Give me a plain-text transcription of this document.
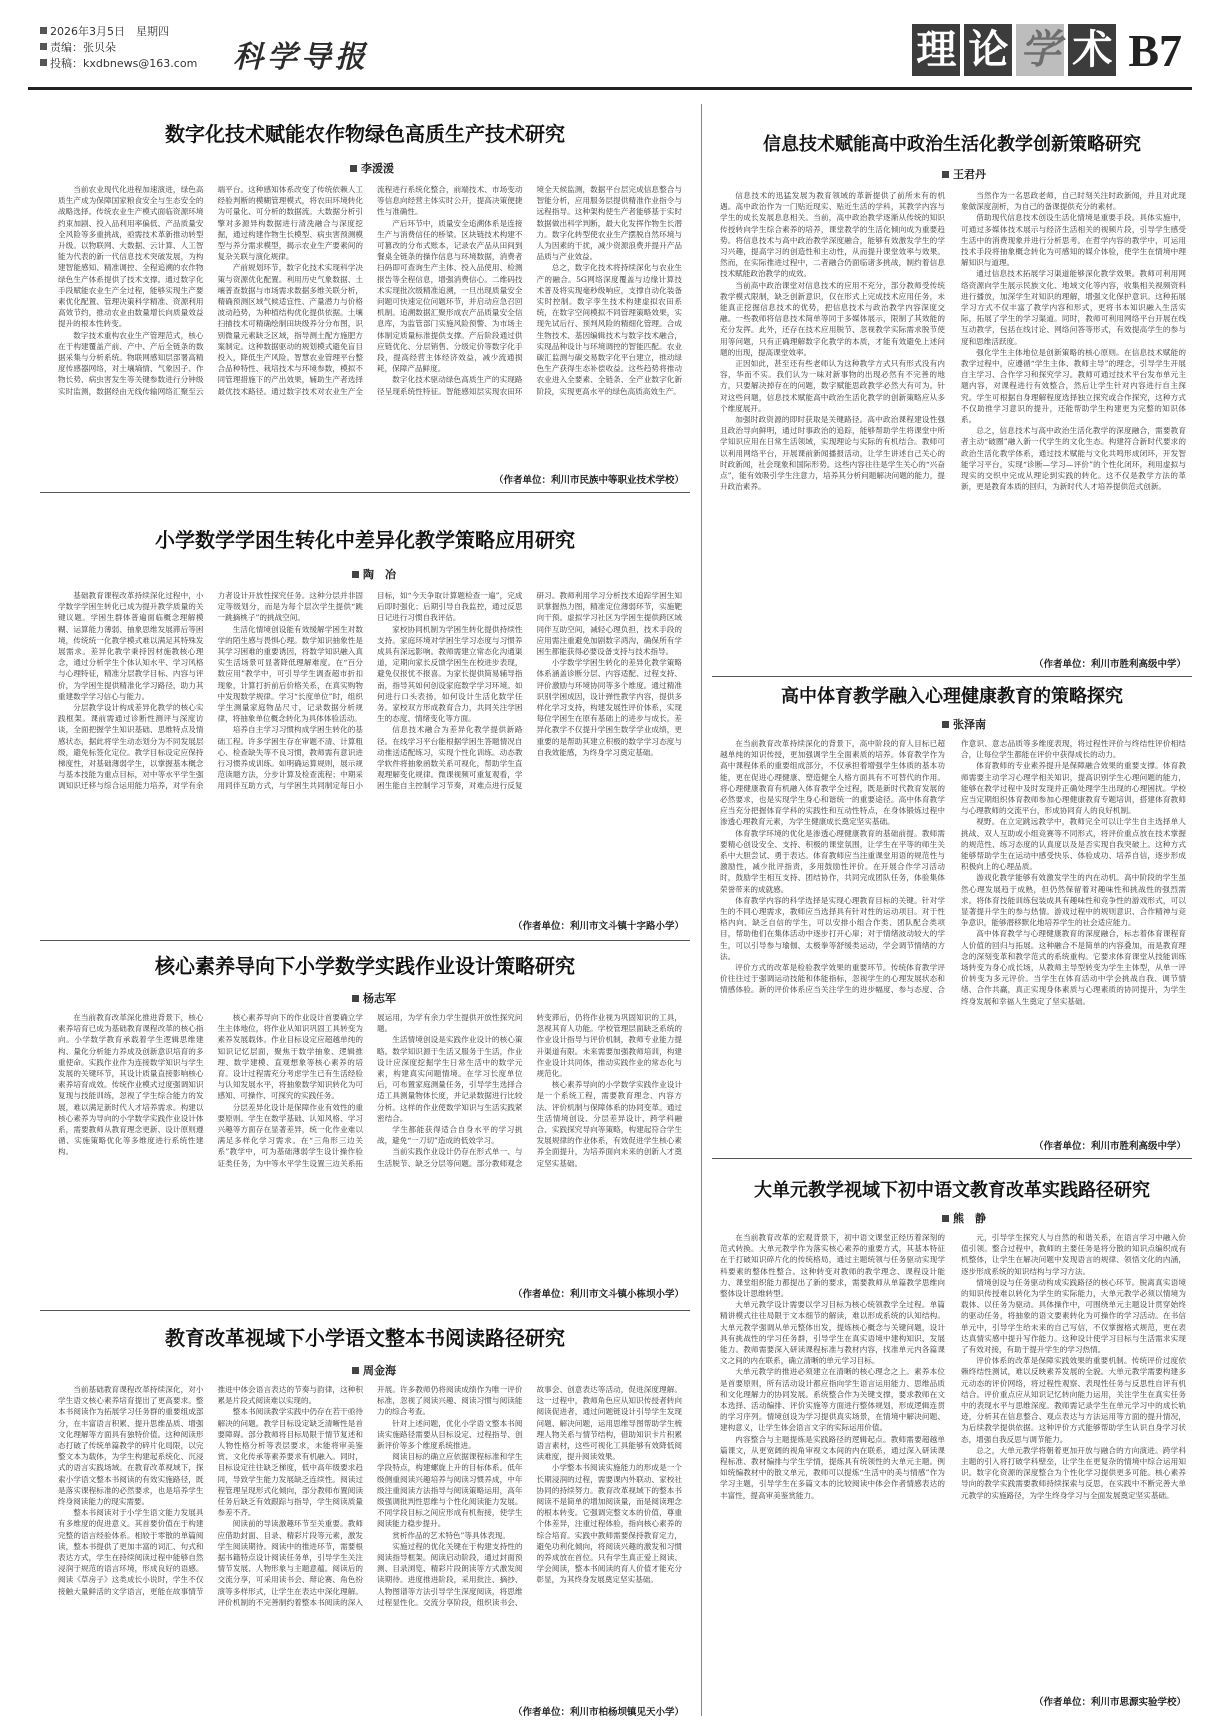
2026年3月5日　星期四
责编：张贝朵
投稿：kxdbnews@163.com 科学导报	理 论 学 术 B7
数字化技术赋能农作物绿色高质生产技术研究
李湲湲

当前农业现代化进程加速演进，绿色高质生产成为保障国家粮食安全与生态安全的战略选择。传统农业生产模式面临资源环境约束加剧、投入品利用率偏低、产品质量安全风险等多重挑战，亟需技术革新推动转型升级。以物联网、大数据、云计算、人工智能为代表的新一代信息技术突破发展，为构建智能感知、精准调控、全程追溯的农作物绿色生产体系提供了技术支撑。通过数字化手段赋能农业生产全过程，能够实现生产要素优化配置、管理决策科学精准、资源利用高效节约，推动农业由数量增长向质量效益提升的根本性转变。

数字技术重构农业生产管理范式，核心在于构建覆盖产前、产中、产后全链条的数据采集与分析系统。物联网感知层部署高精度传感器网络，对土壤墒情、气象因子、作物长势、病虫害发生等关键参数进行分钟级实时监测，数据经由无线传输网络汇聚至云端平台。这种感知体系改变了传统依赖人工经验判断的模糊管理模式，将农田环境转化为可量化、可分析的数据流。大数据分析引擎对多源异构数据进行清洗融合与深度挖掘，通过构建作物生长模型、病虫害预测模型与养分需求模型，揭示农业生产要素间的复杂关联与演化规律。

产前规划环节，数字化技术实现科学决策与资源优化配置。利用历史气象数据、土壤普查数据与市场需求数据多维关联分析，精确预测区域气候适宜性、产量潜力与价格波动趋势，为种植结构优化提供依据。土壤扫描技术可精确绘制田块级养分分布图，识别微量元素缺乏区域，指导测土配方施肥方案制定。这种数据驱动的规划模式避免盲目投入，降低生产风险。智慧农业管理平台整合品种特性、栽培技术与环境参数，模拟不同管理措施下的产出效果，辅助生产者选择最优技术路径。通过数字技术对农业生产全流程进行系统化整合，前端技术、市场变动等信息向经营主体实时公开，提高决策便捷性与准确性。

产后环节中，质量安全追溯体系是连接生产与消费信任的桥梁。区块链技术构建不可篡改的分布式账本，记录农产品从田间到餐桌全链条的操作信息与环境数据，消费者扫码即可查询生产主体、投入品使用、检测报告等全程信息，增强消费信心。二维码技术实现批次级精准追溯，一旦出现质量安全问题可快速定位问题环节，并启动应急召回机制。追溯数据汇聚形成农产品质量安全信息库，为监管部门实施风险预警、为市场主体制定质量标准提供支撑。产后阶段通过供应链优化、分层销售、分级定价等数字化手段，提高经营主体经济效益，减少流通损耗，保障产品鲜度。

数字化技术驱动绿色高质生产的实现路径呈现系统性特征。智能感知层实现农田环境全天候监测，数据平台层完成信息整合与智能分析，应用服务层提供精准作业指令与远程指导。这种架构使生产者能够基于实时数据做出科学判断，最大化发挥作物生长潜力。数字化转型使农业生产摆脱自然环境与人为因素的干扰，减少资源浪费并提升产品品质与产业效益。

总之，数字化技术将持续深化与农业生产的融合。5G网络深度覆盖与边缘计算技术普及将实现毫秒级响应，支撑自动化装备实时控制。数字孪生技术构建虚拟农田系统，在数字空间模拟不同管理策略效果，实现先试后行、预判风险的精细化管理。合成生物技术、基因编辑技术与数字技术融合，实现品种设计与环境调控的智能匹配。农业碳汇监测与碳交易数字化平台建立，推动绿色生产获得生态补偿收益。这些趋势将推动农业进入全要素、全链条、全产业数字化新阶段，实现更高水平的绿色高质高效生产。

（作者单位：利川市民族中等职业技术学校）
信息技术赋能高中政治生活化教学创新策略研究
王君丹

信息技术的迅猛发展为教育领域的革新提供了前所未有的机遇。高中政治作为一门贴近现实、贴近生活的学科，其教学内容与学生的成长发展息息相关。当前，高中政治教学逐渐从传统的知识传授转向学生综合素养的培养，课堂教学的生活化倾向成为重要趋势。将信息技术与高中政治教学深度融合，能够有效激发学生的学习兴趣，提高学习的创造性和主动性，从而提升课堂效率与效果。然而，在实际推进过程中，二者融合仍面临诸多挑战，制约着信息技术赋能政治教学的成效。

当前高中政治课堂对信息技术的应用不充分，部分教师受传统教学模式限制，缺乏创新意识，仅在形式上完成技术应用任务，未能真正挖掘信息技术的优势，把信息技术与政治教学内容深度交融。一些教师将信息技术简单等同于多媒体展示，限制了其效能的充分发挥。此外，还存在技术应用脱节、忽视教学实际需求脱节使用等问题，只有正确理解数字化教学的本质，才能有效避免上述问题的出现，提高课堂效率。

正因如此，甚至还有些老师认为这种教学方式只有形式没有内容，华而不实。我们认为一味对新事物的出现必然有不完善的地方，只要解决掉存在的问题，数字赋能思政教学必然大有可为。针对这些问题，信息技术赋能高中政治生活化教学的创新策略应从多个维度展开。

加强时政资源的即时获取是关键路径。高中政治课程建设性强且政治导向鲜明，通过时事政治的追踪，能够帮助学生将课堂中所学知识应用在日常生活领域，实现理论与实际的有机结合。教师可以利用网络平台，开展课前新闻播报活动，让学生讲述自己关心的时政新闻，社会现象和国际形势。这些内容往往是学生关心的“兴奋点”，能有效吸引学生注意力，培养其分析问题解决问题的能力，提升政治素养。

当然作为一名思政老师，自己时刻关注时政新闻，并且对此现象做深度剖析，为自己的备课提供充分的素材。

借助现代信息技术创设生活化情境是重要手段。具体实施中，可通过多媒体技术展示与经济生活相关的视频片段，引导学生感受生活中的消费现象并进行分析思考。在哲学内容的教学中，可运用技术手段将抽象概念转化为可感知的媒介体验，使学生在情境中理解知识与道理。

通过信息技术拓展学习渠道能够深化教学效果。教师可利用网络资源向学生展示民族文化、地域文化等内容，收集相关视频资料进行播放，加深学生对知识的理解，增强文化保护意识。这种拓展学习方式不仅丰富了教学内容和形式，更将书本知识融入生活实际，拓展了学生的学习渠道。同时，教师可利用网络平台开展在线互动教学，包括在线讨论、网络问答等形式，有效提高学生的参与度和思维活跃度。

强化学生主体地位是创新策略的核心原则。在信息技术赋能的教学过程中，应遵循“学生主体、教师主导”的理念，引导学生开展自主学习、合作学习和探究学习。教师可通过技术平台发布单元主题内容，对课程进行有效整合，然后让学生针对内容进行自主探究。学生可根据自身理解程度选择独立探究或合作探究，这种方式不仅助推学习意识的提升，还能帮助学生构建更为完整的知识体系。

总之，信息技术与高中政治生活化教学的深度融合，需要教育者主动“破圈”融入新一代学生的文化生态。构建符合新时代要求的政治生活化教学体系，通过技术赋能与文化共鸣形成闭环，开发智能学习平台，实现“诊断—学习—评价”的个性化闭环，利用虚拟与现实的交织中完成从理论到实践的转化。这不仅是教学方法的革新，更是教育本质的回归，为新时代人才培养提供范式创新。

（作者单位：利川市胜利高级中学）
小学数学学困生转化中差异化教学策略应用研究
陶　冶

基础教育课程改革持续深化过程中，小学数学学困生转化已成为提升教学质量的关键议题。学困生群体普遍面临概念理解模糊、运算能力薄弱、抽象思维发展滞后等困境，传统统一化教学模式难以满足其特殊发展需求。差异化教学秉持因材施教核心理念，通过分析学生个体认知水平、学习风格与心理特征，精准分层教学目标、内容与评价，为学困生提供精准化学习路径，助力其重建数学学习信心与能力。

分层教学设计构成差异化教学的核心实践框架。课前需通过诊断性测评与深度访谈，全面把握学生知识基础、思维特点及情感状态，据此将学生动态划分为不同发展层级，避免标签化定位。教学目标设定应保持梯度性，对基础薄弱学生，以掌握基本概念与基本技能为重点目标，对中等水平学生强调知识迁移与综合运用能力培养，对学有余力者设计开放性探究任务。这种分层并非固定等级划分，而是为每个层次学生提供“跳一跳摘桃子”的挑战空间。

生活化情境创设能有效缓解学困生对数学的陌生感与畏惧心理。数学知识抽象性是其学习困难的重要诱因，将数学知识融入真实生活场景可显著降低理解难度。在“百分数应用”教学中，可引导学生调查超市折扣现象，计算打折前后价格关系，在真实购物中发现数学规律。学习“长度单位”时，组织学生测量家庭物品尺寸，记录数据分析规律，将抽象单位概念转化为具体体验活动。

培养自主学习习惯构成学困生转化的基础工程。许多学困生存在审题不清、计算粗心、检查缺失等不良习惯，教师需有意识进行习惯养成训练。如明确运算规则，展示规范读题方法，分步计算及检查流程；中期采用同伴互助方式，与学困生共同制定每日小目标，如“今天争取计算题检查一遍”，完成后即时强化；后期引导自我监控，通过反思日记进行习惯自我评估。

家校协同机制为学困生转化提供持续性支持。家庭环境对学困生学习态度与习惯养成具有深远影响。教师需建立常态化沟通渠道，定期向家长反馈学困生在校进步表现，避免仅报忧不报喜。为家长提供简易辅导指南，指导其如何创设家庭数学学习环境。如何进行口头表扬，如何设计生活化数学任务。家校双方形成教育合力，共同关注学困生的态度、情绪变化等方面。

信息技术融合为差异化教学提供新路径。在线学习平台能根据学困生答题情况自动推送适配练习，实现个性化训练。动态教学软件将抽象函数关系可视化，帮助学生直观理解变化规律。微课视频可重复观看，学困生能自主控制学习节奏，对难点进行反复研习。教师利用学习分析技术追踪学困生知识掌握热力图，精准定位薄弱环节，实施靶向干预。虚拟学习社区为学困生提供跨区域同伴互助空间，减轻心理负担，技术手段的应用需注重避免加剧数字鸿沟，确保所有学困生都能获得必要设备支持与技术指导。

小学数学学困生转化的差异化教学策略体系涵盖诊断分层、内容适配、过程支持、评价激励与环境协同等多个维度。通过精准识别学困成因，设计弹性教学内容，提供多样化学习支持，构建发展性评价体系，实现每位学困生在原有基础上的进步与成长。差异化教学不仅提升学困生数学学业成绩，更重要的是帮助其建立积极的数学学习态度与自我效能感，为终身学习奠定基础。

（作者单位：利川市文斗镇十字路小学）
高中体育教学融入心理健康教育的策略探究
张泽南

在当前教育改革持续深化的背景下，高中阶段的育人目标已超越单纯的知识传授，更加强调学生全面素质的培养。体育教学作为高中课程体系的重要组成部分，不仅承担着增强学生体质的基本功能，更在促进心理健康、塑造健全人格方面具有不可替代的作用。将心理健康教育有机融入体育教学全过程，既是新时代教育发展的必然要求，也是实现学生身心和谐统一的重要途径。高中体育教学应当充分把握体育学科的实践性和互动性特点，在身体锻炼过程中渗透心理教育元素，为学生健康成长奠定坚实基础。

体育教学环境的优化是渗透心理健康教育的基础前提。教师需要精心创设安全、支持、积极的课堂氛围，让学生在平等的师生关系中大胆尝试、勇于表达。体育教师应当注重课堂用语的规范性与激励性，减少批评指责，多用鼓励性评价。在开展合作学习活动时，鼓励学生相互支持、团结协作，共同完成团队任务，体验集体荣誉带来的成就感。

体育教学内容的科学选择是实现心理教育目标的关键。针对学生的不同心理需求，教师应当选择具有针对性的运动项目。对于性格内向、缺乏自信的学生，可以安排小组合作类、团队配合类项目，帮助他们在集体活动中逐步打开心扉；对于情绪波动较大的学生，可以引导参与瑜伽、太极拳等舒缓类运动，学会调节情绪的方法。

评价方式的改革是检验教学效果的重要环节。传统体育教学评价往往过于强调运动技能和体能指标，忽视学生的心理发展状态和情感体验。新的评价体系应当关注学生的进步幅度、参与态度、合作意识、意志品质等多维度表现，将过程性评价与终结性评价相结合，让每位学生都能在评价中获得成长的动力。

体育教师的专业素养提升是保障融合效果的重要支撑。体育教师需要主动学习心理学相关知识，提高识别学生心理问题的能力，能够在教学过程中及时发现并正确处理学生出现的心理困扰。学校应当定期组织体育教师参加心理健康教育专题培训，搭建体育教师与心理教师的交流平台，形成协同育人的良好机制。

视野。在立定跳远教学中，教师完全可以让学生自主选择单人挑战、双人互助或小组竞赛等不同形式，将评价重点放在技术掌握的规范性、练习态度的认真度以及是否实现自我突破上。这种方式能够帮助学生在运动中感受快乐、体验成功、培养自信，逐步形成积极向上的心理品质。

游戏化教学能够有效激发学生的内在动机。高中阶段的学生虽然心理发展趋于成熟，但仍然保留着对趣味性和挑战性的强烈需求。将体育技能训练包装成具有趣味性和竞争性的游戏形式，可以显著提升学生的参与热情。游戏过程中的规则意识、合作精神与竞争意识，能够潜移默化地培养学生的社会适应能力。

高中体育教学与心理健康教育的深度融合，标志着体育课程育人价值的回归与拓展。这种融合不是简单的内容叠加，而是教育理念的深刻变革和教学范式的系统重构。它要求体育课堂从技能训练场转变为身心成长场，从教师主导型转变为学生主体型，从单一评价转变为多元评价。当学生在体育活动中学会挑战自我、调节情绪、合作共赢，真正实现身体素质与心理素质的协同提升，为学生终身发展和幸福人生奠定了坚实基础。

（作者单位：利川市胜利高级中学）
核心素养导向下小学数学实践作业设计策略研究
杨志军

在当前教育改革深化推进背景下，核心素养培育已成为基础教育课程改革的核心指向。小学数学教育承载着学生逻辑思维建构、量化分析能力养成及创新意识培育的多重使命。实践作业作为连接数学知识与学生发展的关键环节，其设计质量直接影响核心素养培育成效。传统作业模式过度强调知识复现与技能训练，忽视了学生综合能力的发展，难以满足新时代人才培养需求。构建以核心素养为导向的小学数学实践作业设计体系，需要教师从教育理念更新、设计原则遵循、实施策略优化等多维度进行系统性建构。

核心素养导向下的作业设计首要确立学生主体地位，将作业从知识巩固工具转变为素养发展载体。作业目标设定应超越单纯的知识记忆层面，聚焦于数学抽象、逻辑推理、数学建模、直观想象等核心素养的培育。设计过程需充分考虑学生已有生活经验与认知发展水平，将抽象数学知识转化为可感知、可操作、可探究的实践任务。

分层差异化设计是保障作业有效性的重要原则。学生在数学基础、认知风格、学习兴趣等方面存在显著差异，统一化作业难以满足多样化学习需求。在“三角形三边关系”教学中，可为基础薄弱学生设计操作验证类任务，为中等水平学生设置三边关系拓展运用，为学有余力学生提供开放性探究问题。

生活情境创设是实践作业设计的核心策略。数学知识源于生活又服务于生活，作业设计应深度挖掘学生日常生活中的数学元素，构建真实问题情境。在学习长度单位后，可布置家庭测量任务，引导学生选择合适工具测量物体长度，并记录数据进行比较分析。这样的作业使数学知识与生活实践紧密结合。

学生都能获得适合自身水平的学习挑战，避免“一刀切”造成的低效学习。

当前实践作业设计仍存在形式单一、与生活脱节、缺乏分层等问题。部分教师观念转变滞后，仍将作业视为巩固知识的工具，忽视其育人功能。学校管理层面缺乏系统的作业设计指导与评价机制，教师专业能力提升渠道有限。未来需要加强教师培训，构建作业设计共同体，推动实践作业的常态化与规范化。

核心素养导向的小学数学实践作业设计是一个系统工程，需要教育理念、内容方法、评价机制与保障体系的协同变革。通过生活情境创设、分层差异设计、跨学科融合、实践探究导向等策略，构建起符合学生发展规律的作业体系，有效促进学生核心素养全面提升，为培养面向未来的创新人才奠定坚实基础。

（作者单位：利川市文斗镇小栋坝小学）
大单元教学视域下初中语文教育改革实践路径研究
熊　静

在当前教育改革的宏观背景下，初中语文课堂正经历着深刻的范式转换。大单元教学作为落实核心素养的重要方式，其基本特征在于打破知识碎片化的传统格局，通过主题统领与任务驱动实现学科要素的整体性整合。这种转变对教师的教学理念、课程设计能力、课堂组织能力都提出了新的要求，需要教师从单篇教学思维向整体设计思维转型。

大单元教学设计需要以学习目标为核心统领教学全过程。单篇精讲模式往往局限于文本细节的解读，难以形成系统的认知结构。大单元教学强调从单元整体出发，提炼核心概念与关键问题，设计具有挑战性的学习任务群，引导学生在真实语境中建构知识、发展能力。教师需要深入研读课程标准与教材内容，找准单元内各篇课文之间的内在联系，确立清晰的单元学习目标。

大单元教学的推进必须建立在清晰的核心理念之上。素养本位是首要原则，所有活动设计都应指向学生语言运用能力、思维品质和文化理解力的协同发展。系统整合作为关键支撑，要求教师在文本选择、活动编排、评价实施等方面进行整体规划，形成逻辑连贯的学习序列。情境创设为学习提供真实场景，在情境中解决问题、建构意义，让学生体会语言文字的实际运用价值。

内容整合与主题提炼是实践路径的逻辑起点。教师需要超越单篇课文，从更宽阔的视角审视文本间的内在联系，通过深入研读课程标准、教材编排与学生学情，提炼具有统领性的大单元主题。例如统编教材中的散文单元，教师可以提炼“生活中的美与情感”作为学习主题，引导学生在多篇文本的比较阅读中体会作者情感表达的丰富性，提高审美鉴赏能力。

元，引导学生探究人与自然的和谐关系，在语言学习中融入价值引领。整合过程中，教师的主要任务是将分散的知识点编织成有机整体，让学生在解决问题中发现语言的规律、领悟文化的内涵，逐步形成系统的知识结构与学习方法。

情境创设与任务驱动构成实践路径的核心环节。脱离真实语境的知识传授难以转化为学生的实际能力，大单元教学必须以情境为载体、以任务为驱动。具体操作中，可围绕单元主题设计贯穿始终的驱动任务，将抽象的语文要素转化为可操作的学习活动。在书信单元中，引导学生给未来的自己写信，不仅掌握格式规范，更在表达真情实感中提升写作能力。这种设计使学习目标与生活需求实现了有效对接，有助于提升学生的学习热情。

评价体系的改革是保障实践效果的重要机制。传统评价过度依赖终结性测试，难以反映素养发展的全貌。大单元教学需要构建多元动态的评价网络，将过程性观察、表现性任务与反思性自评有机结合。评价重点应从知识记忆转向能力运用，关注学生在真实任务中的表现水平与思维深度。教师需记录学生在单元学习中的成长轨迹，分析其在信息整合、观点表达与方法运用等方面的提升情况，为后续教学提供依据。这种评价方式能够帮助学生认识自身学习状态，增强自我反思与调节能力。

总之，大单元教学将朝着更加开放与融合的方向演进。跨学科主题的引入将打破学科壁垒，让学生在更复杂的情境中综合运用知识。数字化资源的深度整合为个性化学习提供更多可能。核心素养导向的教学实践需要教师持续探索与反思，在实践中不断完善大单元教学的实施路径，为学生终身学习与全面发展奠定坚实基础。

（作者单位：利川市思源实验学校）
教育改革视域下小学语文整本书阅读路径研究
周金海

当前基础教育课程改革持续深化，对小学生语文核心素养培育提出了更高要求。整本书阅读作为拓展学习任务群的重要组成部分，在丰富语言积累、提升思维品质、增强文化理解等方面具有独特价值。这种阅读形态打破了传统单篇教学的碎片化局限，以完整文本为载体，为学生构建起系统化、沉浸式的语言实践场域。在教育改革视域下，探索小学语文整本书阅读的有效实施路径，既是落实课程标准的必然要求，也是培养学生终身阅读能力的现实需要。

整本书阅读对于小学生语文能力发展具有多维度的促进意义。其首要价值在于构建完整的语言经验体系。相较于零散的单篇阅读，整本书提供了更加丰富的词汇、句式和表达方式，学生在持续阅读过程中能够自然浸润于规范的语言环境，形成良好的语感。阅读《草房子》这类成长小说时，学生不仅接触大量鲜活的文学语言，更能在故事情节推进中体会语言表达的节奏与韵律，这种积累是片段式阅读难以实现的。

整本书阅读教学实践中仍存在若干亟待解决的问题。教学目标设定缺乏清晰性是首要障碍。部分教师将目标局限于情节复述和人物性格分析等表层要求，未能将审美鉴赏、文化传承等素养要求有机融入。同时，目标设定往往缺乏梯度，低中高年级要求趋同，导致学生能力发展缺乏连续性。阅读过程管理呈现形式化倾向，部分教师布置阅读任务后缺乏有效跟踪与指导，学生阅读质量参差不齐。

阅读前的导读激趣环节至关重要。教师应借助封面、目录、精彩片段等元素，激发学生阅读期待。阅读中的推进环节，需要根据书籍特点设计阅读任务单，引导学生关注情节发展、人物形象与主题意蕴。阅读后的交流分享，可采用读书会、辩论赛、角色扮演等多样形式，让学生在表达中深化理解。评价机制的不完善制约着整本书阅读的深入开展。许多教师仍将阅读成绩作为唯一评价标准，忽视了阅读兴趣、阅读习惯与阅读能力的综合考查。

针对上述问题，优化小学语文整本书阅读实施路径需要从目标设定、过程指导、创新评价等多个维度系统推进。

阅读目标的确立应依据课程标准和学生学段特点，构建螺旋上升的目标体系。低年级侧重阅读兴趣培养与阅读习惯养成，中年级注重阅读方法指导与阅读策略运用，高年级强调批判性思维与个性化阅读能力发展。不同学段目标之间应形成有机衔接，使学生阅读能力稳步提升。

赏析作品的艺术特色”等具体表现。

实施过程的优化关键在于构建支持性的阅读指导框架。阅读启动阶段，通过封面预测、目录浏览、精彩片段朗读等方式激发阅读期待。进度推进阶段，采用批注、摘抄、人物图谱等方法引导学生深度阅读，将思维过程显性化。交流分享阶段，组织读书会、故事会、创意表达等活动，促进深度理解。这一过程中，教师角色应从知识传授者转向阅读促进者，通过问题链设计引导学生发现问题、解决问题，运用思维导图帮助学生梳理人物关系与情节结构，借助知识卡片积累语言素材，这些可视化工具能够有效降低阅读难度，提升阅读效果。

小学整本书阅读实施能力的形成是一个长期浸润的过程，需要课内外联动、家校社协同的持续努力。教育改革视域下的整本书阅读不是简单的增加阅读量，而是阅读理念的根本转变。它强调完整文本的价值，尊重个体差异，注重过程体验，指向核心素养的综合培育。实践中教师需要保持教育定力，避免功利化倾向，将阅读兴趣的激发和习惯的养成放在首位。只有学生真正爱上阅读、学会阅读，整本书阅读的育人价值才能充分彰显，为其终身发展奠定坚实基础。

（作者单位：利川市柏杨坝镇见天小学）
